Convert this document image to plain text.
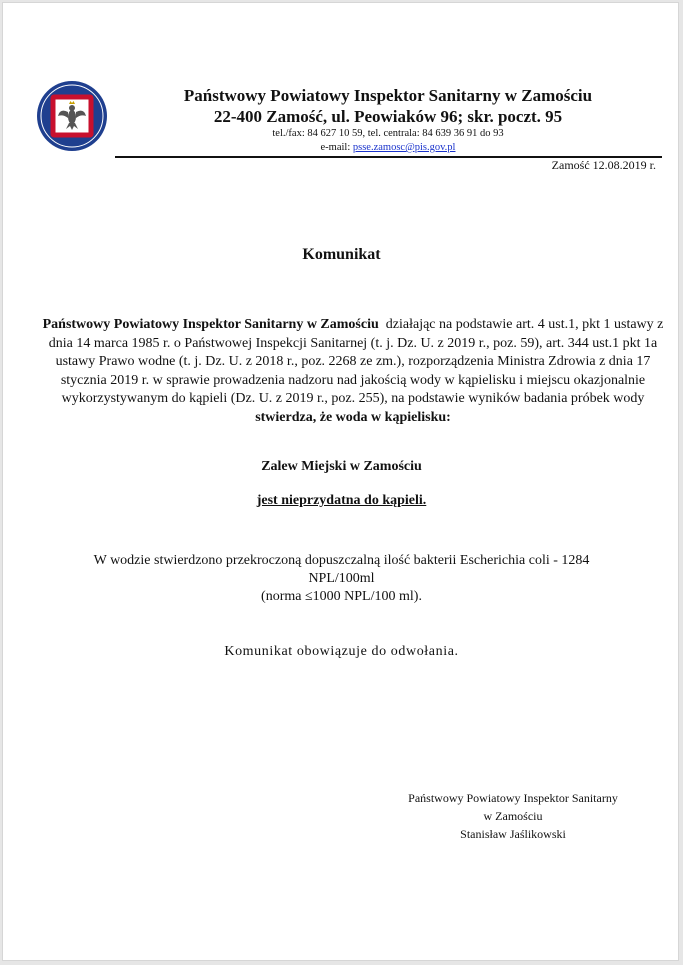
Państwowy Powiatowy Inspektor Sanitarny w Zamościu
22-400 Zamość, ul. Peowiaków 96; skr. poczt. 95
tel./fax: 84 627 10 59, tel. centrala: 84 639 36 91 do 93
e-mail: psse.zamosc@pis.gov.pl
Zamość 12.08.2019 r.
Komunikat
Państwowy Powiatowy Inspektor Sanitarny w Zamościu działając na podstawie art. 4 ust.1, pkt 1 ustawy z dnia 14 marca 1985 r. o Państwowej Inspekcji Sanitarnej (t. j. Dz. U. z 2019 r., poz. 59), art. 344 ust.1 pkt 1a ustawy Prawo wodne (t. j. Dz. U. z 2018 r., poz. 2268 ze zm.), rozporządzenia Ministra Zdrowia z dnia 17 stycznia 2019 r. w sprawie prowadzenia nadzoru nad jakością wody w kąpielisku i miejscu okazjonalnie wykorzystywanym do kąpieli (Dz. U. z 2019 r., poz. 255), na podstawie wyników badania próbek wody
stwierdza, że woda w kąpielisku:
Zalew Miejski w Zamościu
jest nieprzydatna do kąpieli.
W wodzie stwierdzono przekroczoną dopuszczalną ilość bakterii Escherichia coli - 1284
NPL/100ml
(norma ≤1000 NPL/100 ml).
Komunikat obowiązuje do odwołania.
Państwowy Powiatowy Inspektor Sanitarny
w Zamościu
Stanisław Jaślikowski
